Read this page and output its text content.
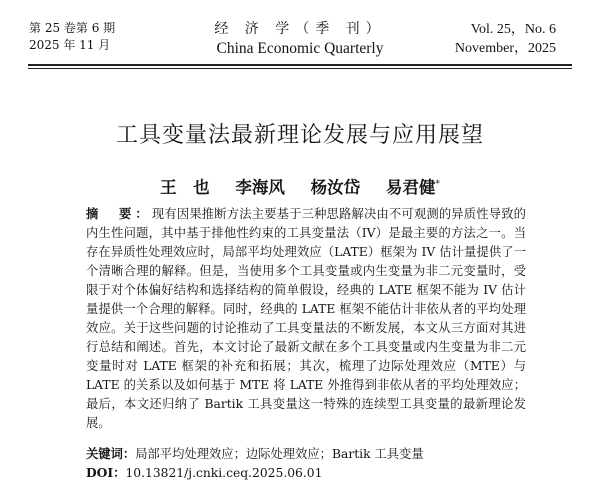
第 25 卷第 6 期
2025 年 11 月
经 济 学（季 刊）
China Economic Quarterly
Vol. 25，No. 6
November，2025
工具变量法最新理论发展与应用展望
王　也 李海风 杨汝岱 易君健*
摘　要：现有因果推断方法主要基于三种思路解决由不可观测的异质性导致的内生性问题，其中基于排他性约束的工具变量法（IV）是最主要的方法之一。当存在异质性处理效应时，局部平均处理效应（LATE）框架为 IV 估计量提供了一个清晰合理的解释。但是，当使用多个工具变量或内生变量为非二元变量时，受限于对个体偏好结构和选择结构的简单假设，经典的 LATE 框架不能为 IV 估计量提供一个合理的解释。同时，经典的 LATE 框架不能估计非依从者的平均处理效应。关于这些问题的讨论推动了工具变量法的不断发展，本文从三方面对其进行总结和阐述。首先，本文讨论了最新文献在多个工具变量或内生变量为非二元变量时对 LATE 框架的补充和拓展；其次，梳理了边际处理效应（MTE）与 LATE 的关系以及如何基于 MTE 将 LATE 外推得到非依从者的平均处理效应；最后，本文还归纳了 Bartik 工具变量这一特殊的连续型工具变量的最新理论发展。
关键词：局部平均处理效应；边际处理效应；Bartik 工具变量
DOI：10.13821/j.cnki.ceq.2025.06.01
